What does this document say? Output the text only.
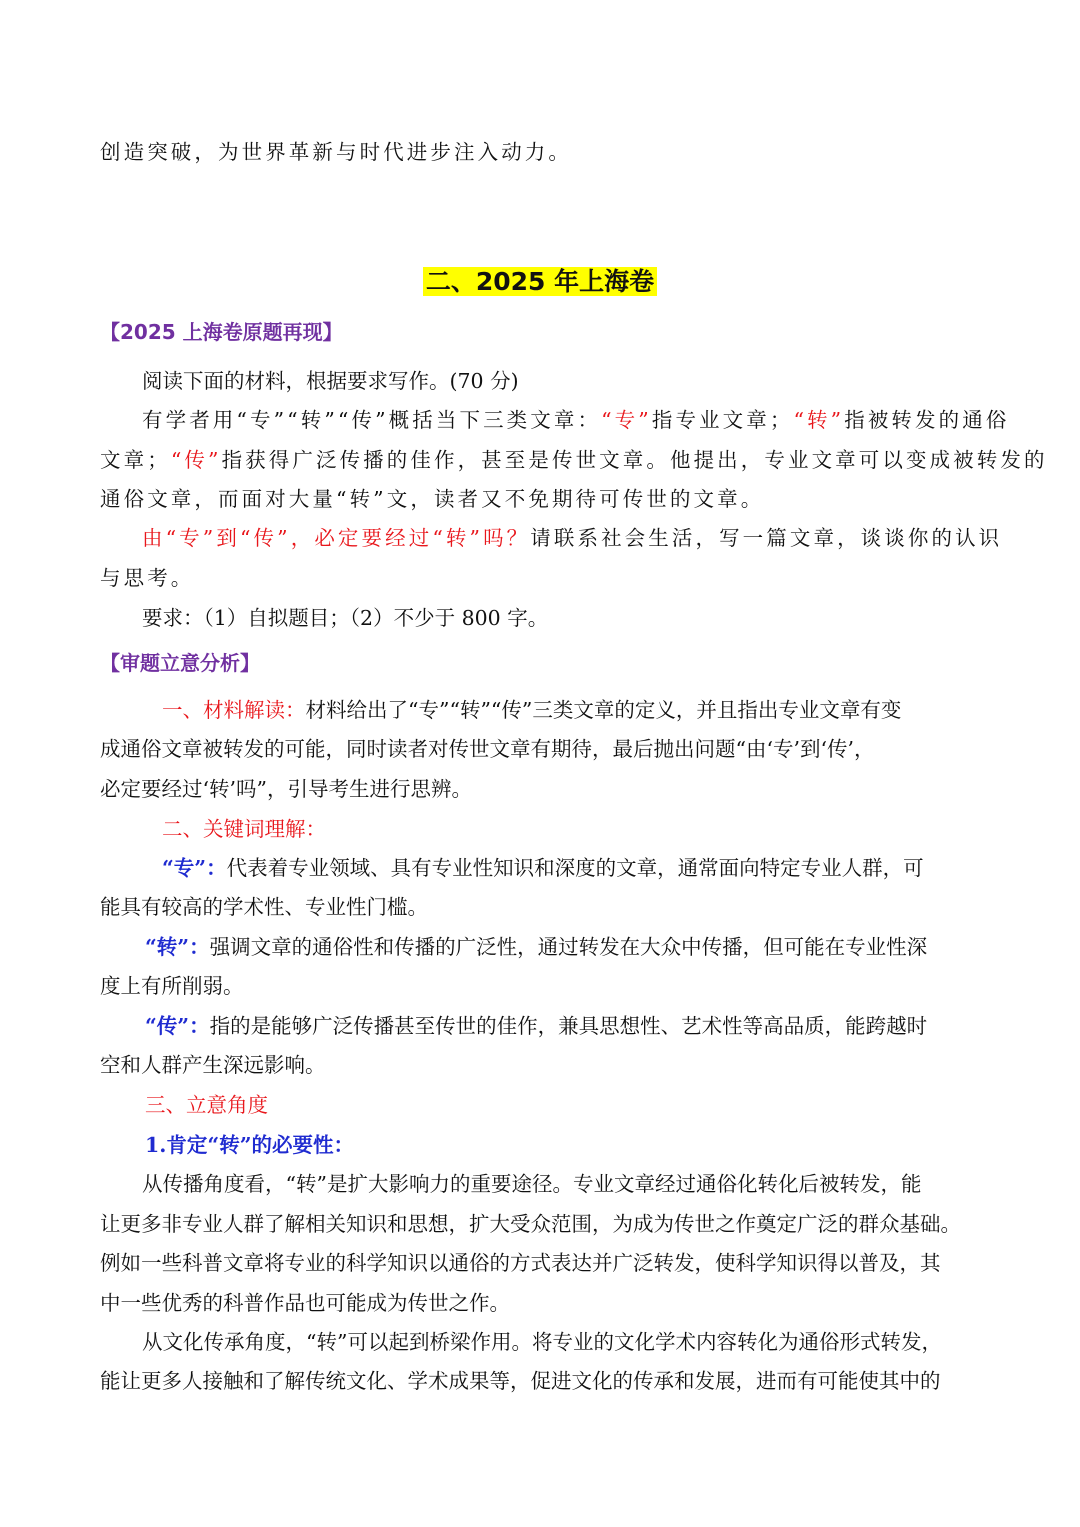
创造突破，为世界革新与时代进步注入动力。
二、2025 年上海卷
【2025 上海卷原题再现】
阅读下面的材料，根据要求写作。(70 分)
有学者用“专”“转”“传”概括当下三类文章：“专”指专业文章；“转”指被转发的通俗
文章；“传”指获得广泛传播的佳作，甚至是传世文章。他提出，专业文章可以变成被转发的
通俗文章，而面对大量“转”文，读者又不免期待可传世的文章。
由“专”到“传”，必定要经过“转”吗？请联系社会生活，写一篇文章，谈谈你的认识
与思考。
要求：（1）自拟题目；（2）不少于 800 字。
【审题立意分析】
一、材料解读：材料给出了“专”“转”“传”三类文章的定义，并且指出专业文章有变
成通俗文章被转发的可能，同时读者对传世文章有期待，最后抛出问题“由‘专’到‘传’，
必定要经过‘转’吗”，引导考生进行思辨。
二、关键词理解：
“专”：代表着专业领域、具有专业性知识和深度的文章，通常面向特定专业人群，可
能具有较高的学术性、专业性门槛。
“转”：强调文章的通俗性和传播的广泛性，通过转发在大众中传播，但可能在专业性深
度上有所削弱。
“传”：指的是能够广泛传播甚至传世的佳作，兼具思想性、艺术性等高品质，能跨越时
空和人群产生深远影响。
三、立意角度
1.肯定“转”的必要性：
从传播角度看，“转”是扩大影响力的重要途径。专业文章经过通俗化转化后被转发，能
让更多非专业人群了解相关知识和思想，扩大受众范围，为成为传世之作奠定广泛的群众基础。
例如一些科普文章将专业的科学知识以通俗的方式表达并广泛转发，使科学知识得以普及，其
中一些优秀的科普作品也可能成为传世之作。
从文化传承角度，“转”可以起到桥梁作用。将专业的文化学术内容转化为通俗形式转发，
能让更多人接触和了解传统文化、学术成果等，促进文化的传承和发展，进而有可能使其中的
